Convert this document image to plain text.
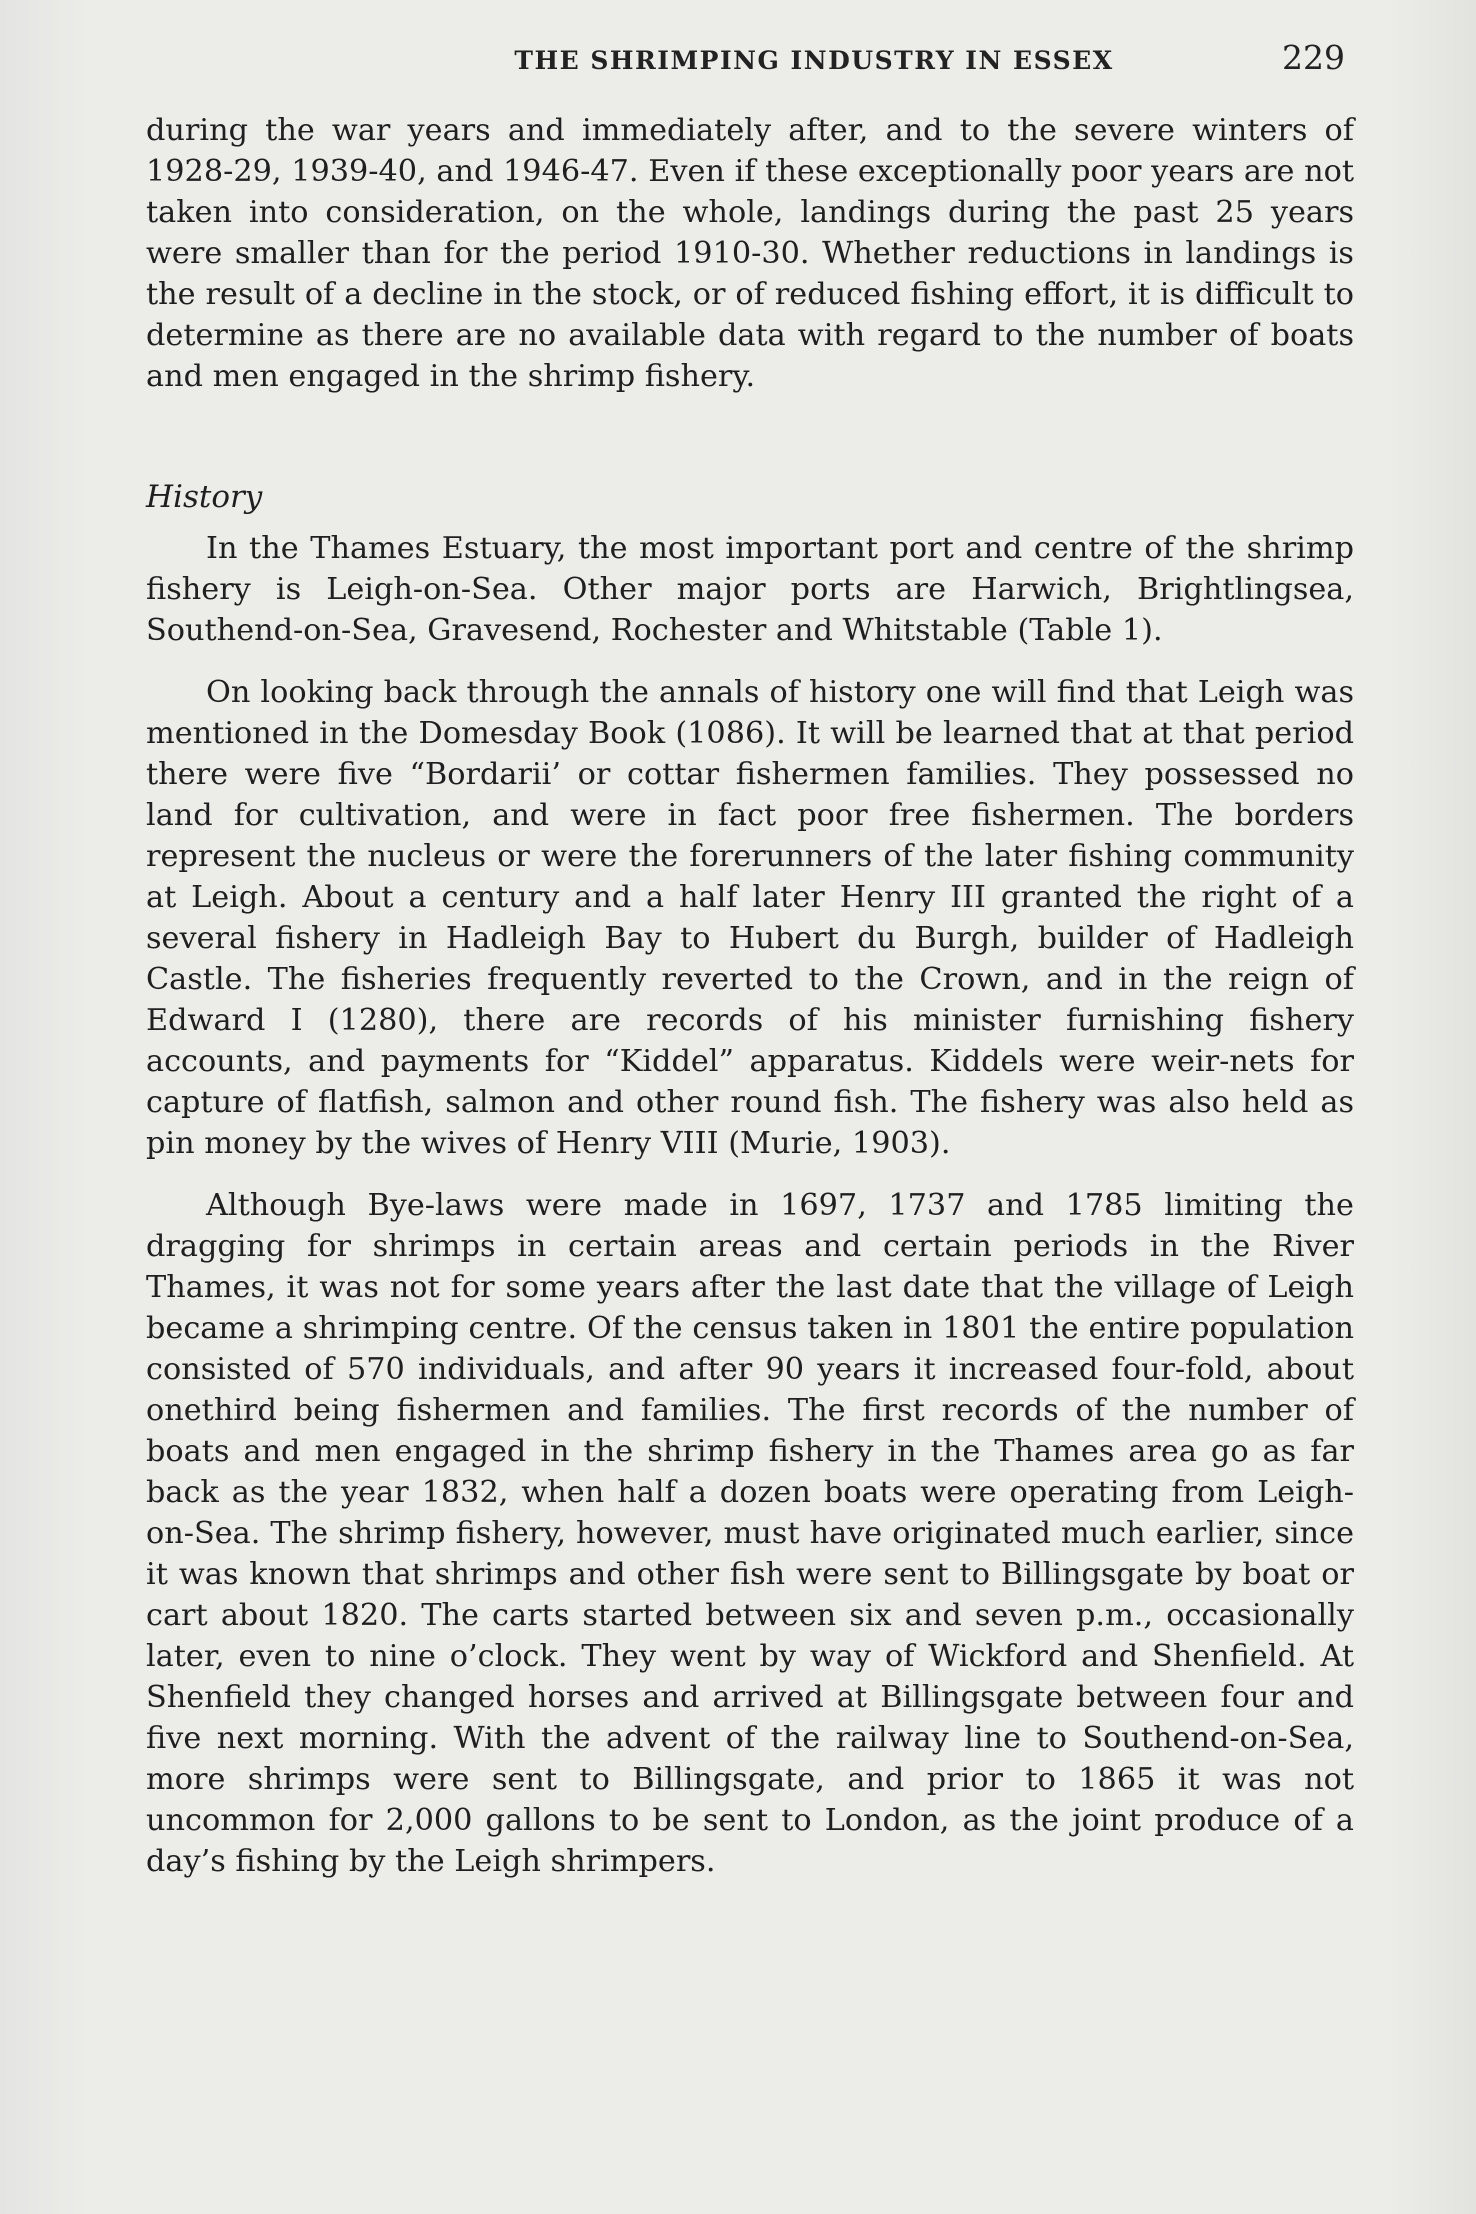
THE SHRIMPING INDUSTRY IN ESSEX	229

during the war years and immediately after, and to the severe winters of 1928-29, 1939-40, and 1946-47. Even if these exceptionally poor years are not taken into consideration, on the whole, landings during the past 25 years were smaller than for the period 1910-30. Whether reductions in landings is the result of a decline in the stock, or of reduced fishing effort, it is difficult to determine as there are no available data with regard to the number of boats and men engaged in the shrimp fishery.

History

In the Thames Estuary, the most important port and centre of the shrimp fishery is Leigh-on-Sea. Other major ports are Harwich, Brightlingsea, Southend-on-Sea, Gravesend, Rochester and Whitstable (Table 1).

On looking back through the annals of history one will find that Leigh was mentioned in the Domesday Book (1086). It will be learned that at that period there were five “Bordarii’ or cottar fishermen families. They possessed no land for cultivation, and were in fact poor free fishermen. The borders represent the nucleus or were the forerunners of the later fishing community at Leigh. About a century and a half later Henry III granted the right of a several fishery in Hadleigh Bay to Hubert du Burgh, builder of Hadleigh Castle. The fisheries frequently reverted to the Crown, and in the reign of Edward I (1280), there are records of his minister furnishing fishery accounts, and payments for “Kiddel” apparatus. Kiddels were weir-nets for capture of flatfish, salmon and other round fish. The fishery was also held as pin money by the wives of Henry VIII (Murie, 1903).

Although Bye-laws were made in 1697, 1737 and 1785 limiting the dragging for shrimps in certain areas and certain periods in the River Thames, it was not for some years after the last date that the village of Leigh became a shrimping centre. Of the census taken in 1801 the entire population consisted of 570 individuals, and after 90 years it increased four-fold, about onethird being fishermen and families. The first records of the number of boats and men engaged in the shrimp fishery in the Thames area go as far back as the year 1832, when half a dozen boats were operating from Leigh-on-Sea. The shrimp fishery, however, must have originated much earlier, since it was known that shrimps and other fish were sent to Billingsgate by boat or cart about 1820. The carts started between six and seven p.m., occasionally later, even to nine o’clock. They went by way of Wickford and Shenfield. At Shenfield they changed horses and arrived at Billingsgate between four and five next morning. With the advent of the railway line to Southend-on-Sea, more shrimps were sent to Billingsgate, and prior to 1865 it was not uncommon for 2,000 gallons to be sent to London, as the joint produce of a day’s fishing by the Leigh shrimpers.
